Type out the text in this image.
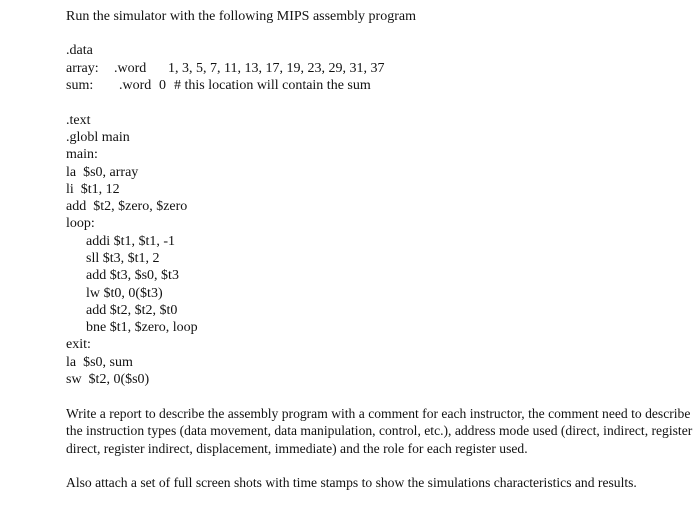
Run the simulator with the following MIPS assembly program
.data
array: .word 1, 3, 5, 7, 11, 13, 17, 19, 23, 29, 31, 37
sum: .word 0 # this location will contain the sum
.text
.globl main
main:
la  $s0, array
li  $t1, 12
add  $t2, $zero, $zero
loop:
addi $t1, $t1, -1
sll $t3, $t1, 2
add $t3, $s0, $t3
lw $t0, 0($t3)
add $t2, $t2, $t0
bne $t1, $zero, loop
exit:
la  $s0, sum
sw  $t2, 0($s0)
Write a report to describe the assembly program with a comment for each instructor, the comment need to describe the instruction types (data movement, data manipulation, control, etc.), address mode used (direct, indirect, register direct, register indirect, displacement, immediate) and the role for each register used.
Also attach a set of full screen shots with time stamps to show the simulations characteristics and results.
